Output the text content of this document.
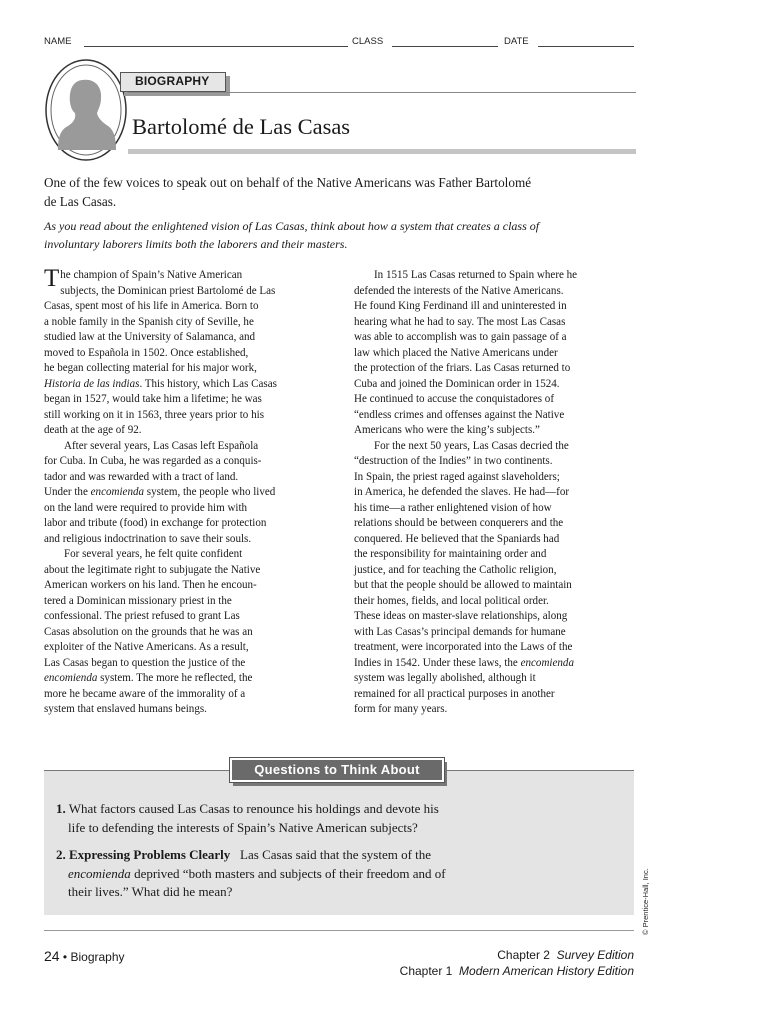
NAME	CLASS	DATE
BIOGRAPHY
Bartolomé de Las Casas
One of the few voices to speak out on behalf of the Native Americans was Father Bartolomé de Las Casas.
As you read about the enlightened vision of Las Casas, think about how a system that creates a class of involuntary laborers limits both the laborers and their masters.

The champion of Spain’s Native American
subjects, the Dominican priest Bartolomé de Las
Casas, spent most of his life in America. Born to
a noble family in the Spanish city of Seville, he
studied law at the University of Salamanca, and
moved to Española in 1502. Once established,
he began collecting material for his major work,
Historia de las indias. This history, which Las Casas
began in 1527, would take him a lifetime; he was
still working on it in 1563, three years prior to his
death at the age of 92.

After several years, Las Casas left Española
for Cuba. In Cuba, he was regarded as a conquis-
tador and was rewarded with a tract of land.
Under the encomienda system, the people who lived
on the land were required to provide him with
labor and tribute (food) in exchange for protection
and religious indoctrination to save their souls.

For several years, he felt quite confident
about the legitimate right to subjugate the Native
American workers on his land. Then he encoun-
tered a Dominican missionary priest in the
confessional. The priest refused to grant Las
Casas absolution on the grounds that he was an
exploiter of the Native Americans. As a result,
Las Casas began to question the justice of the
encomienda system. The more he reflected, the
more he became aware of the immorality of a
system that enslaved humans beings.

In 1515 Las Casas returned to Spain where he
defended the interests of the Native Americans.
He found King Ferdinand ill and uninterested in
hearing what he had to say. The most Las Casas
was able to accomplish was to gain passage of a
law which placed the Native Americans under
the protection of the friars. Las Casas returned to
Cuba and joined the Dominican order in 1524.
He continued to accuse the conquistadores of
“endless crimes and offenses against the Native
Americans who were the king’s subjects.”

For the next 50 years, Las Casas decried the
“destruction of the Indies” in two continents.
In Spain, the priest raged against slaveholders;
in America, he defended the slaves. He had—for
his time—a rather enlightened vision of how
relations should be between conquerers and the
conquered. He believed that the Spaniards had
the responsibility for maintaining order and
justice, and for teaching the Catholic religion,
but that the people should be allowed to maintain
their homes, fields, and local political order.
These ideas on master-slave relationships, along
with Las Casas’s principal demands for humane
treatment, were incorporated into the Laws of the
Indies in 1542. Under these laws, the encomienda
system was legally abolished, although it
remained for all practical purposes in another
form for many years.

Questions to Think About
1. What factors caused Las Casas to renounce his holdings and devote his
life to defending the interests of Spain’s Native American subjects?
2. Expressing Problems Clearly Las Casas said that the system of the
encomienda deprived “both masters and subjects of their freedom and of
their lives.” What did he mean?	© Prentice-Hall, Inc.
24 • Biography	Chapter 2 Survey Edition
Chapter 1 Modern American History Edition
